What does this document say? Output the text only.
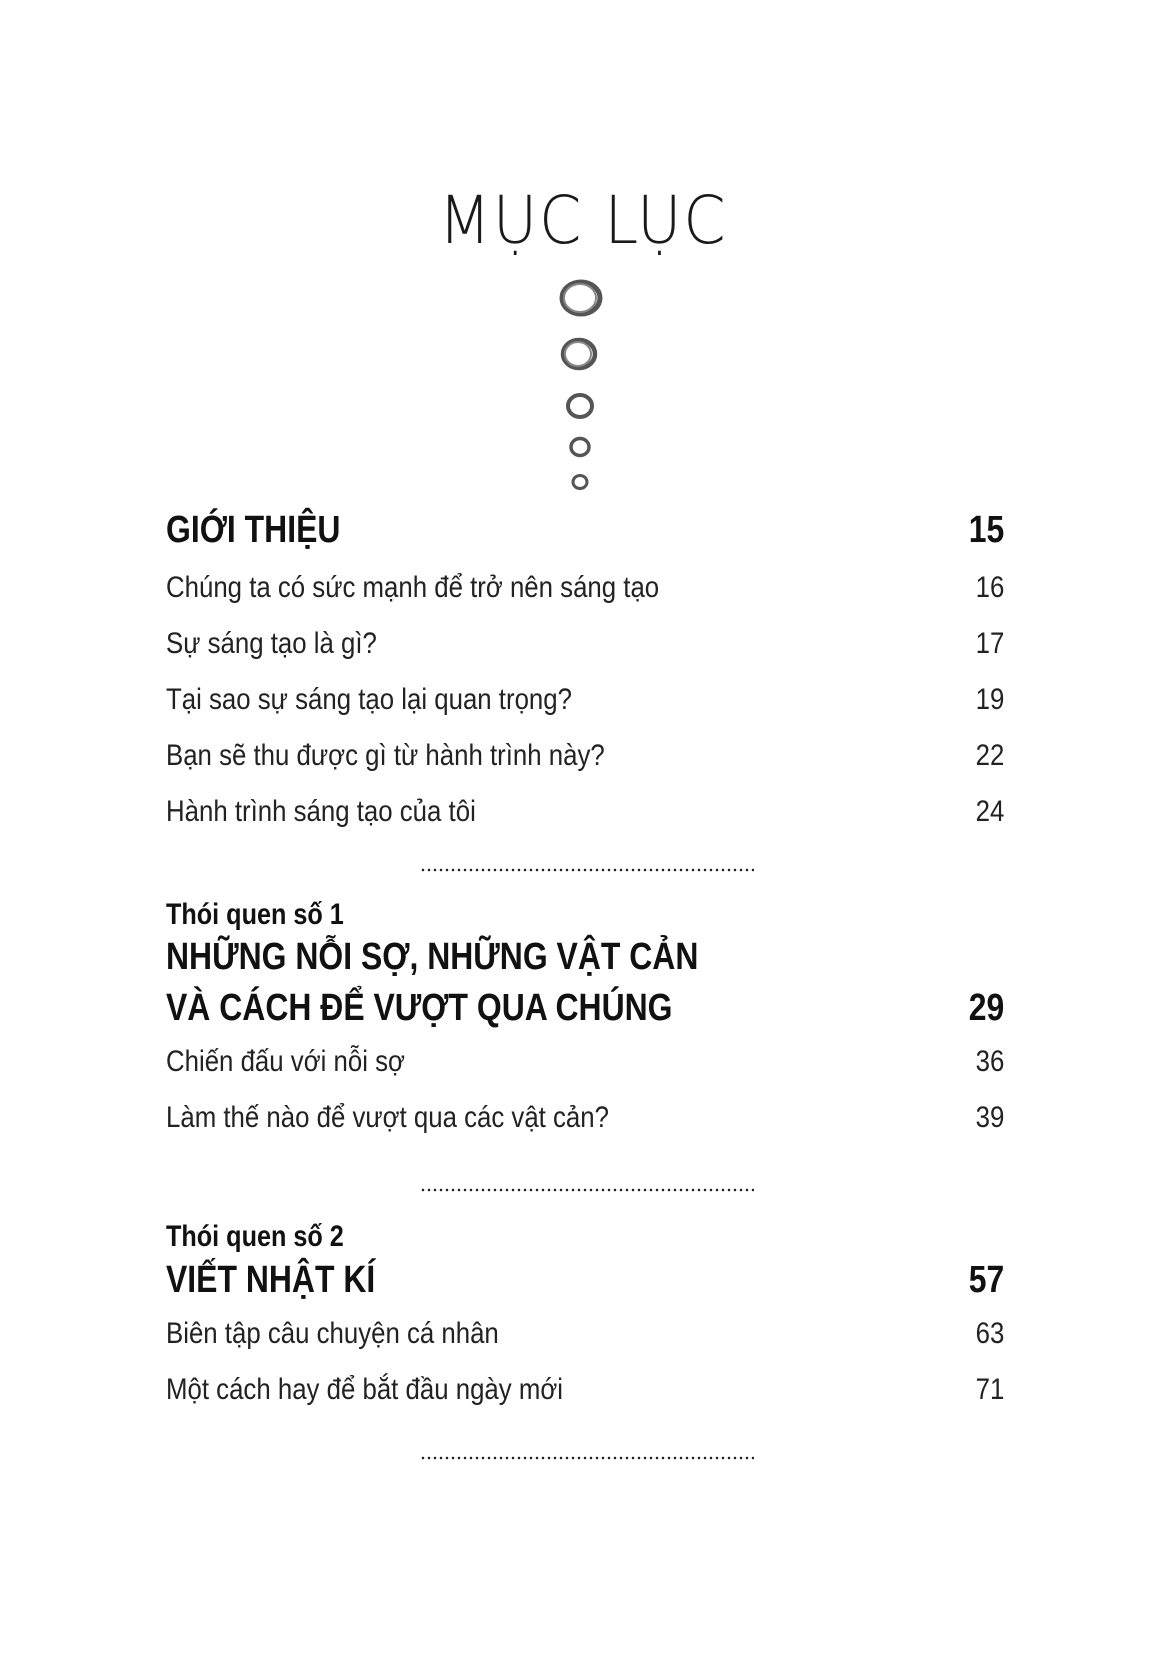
MỤC LỤC
GIỚI THIỆU	15
Chúng ta có sức mạnh để trở nên sáng tạo	16
Sự sáng tạo là gì?	17
Tại sao sự sáng tạo lại quan trọng?	19
Bạn sẽ thu được gì từ hành trình này?	22
Hành trình sáng tạo của tôi	24
Thói quen số 1
NHỮNG NỖI SỢ, NHỮNG VẬT CẢN
VÀ CÁCH ĐỂ VƯỢT QUA CHÚNG	29
Chiến đấu với nỗi sợ	36
Làm thế nào để vượt qua các vật cản?	39
Thói quen số 2
VIẾT NHẬT KÍ	57
Biên tập câu chuyện cá nhân	63
Một cách hay để bắt đầu ngày mới	71
